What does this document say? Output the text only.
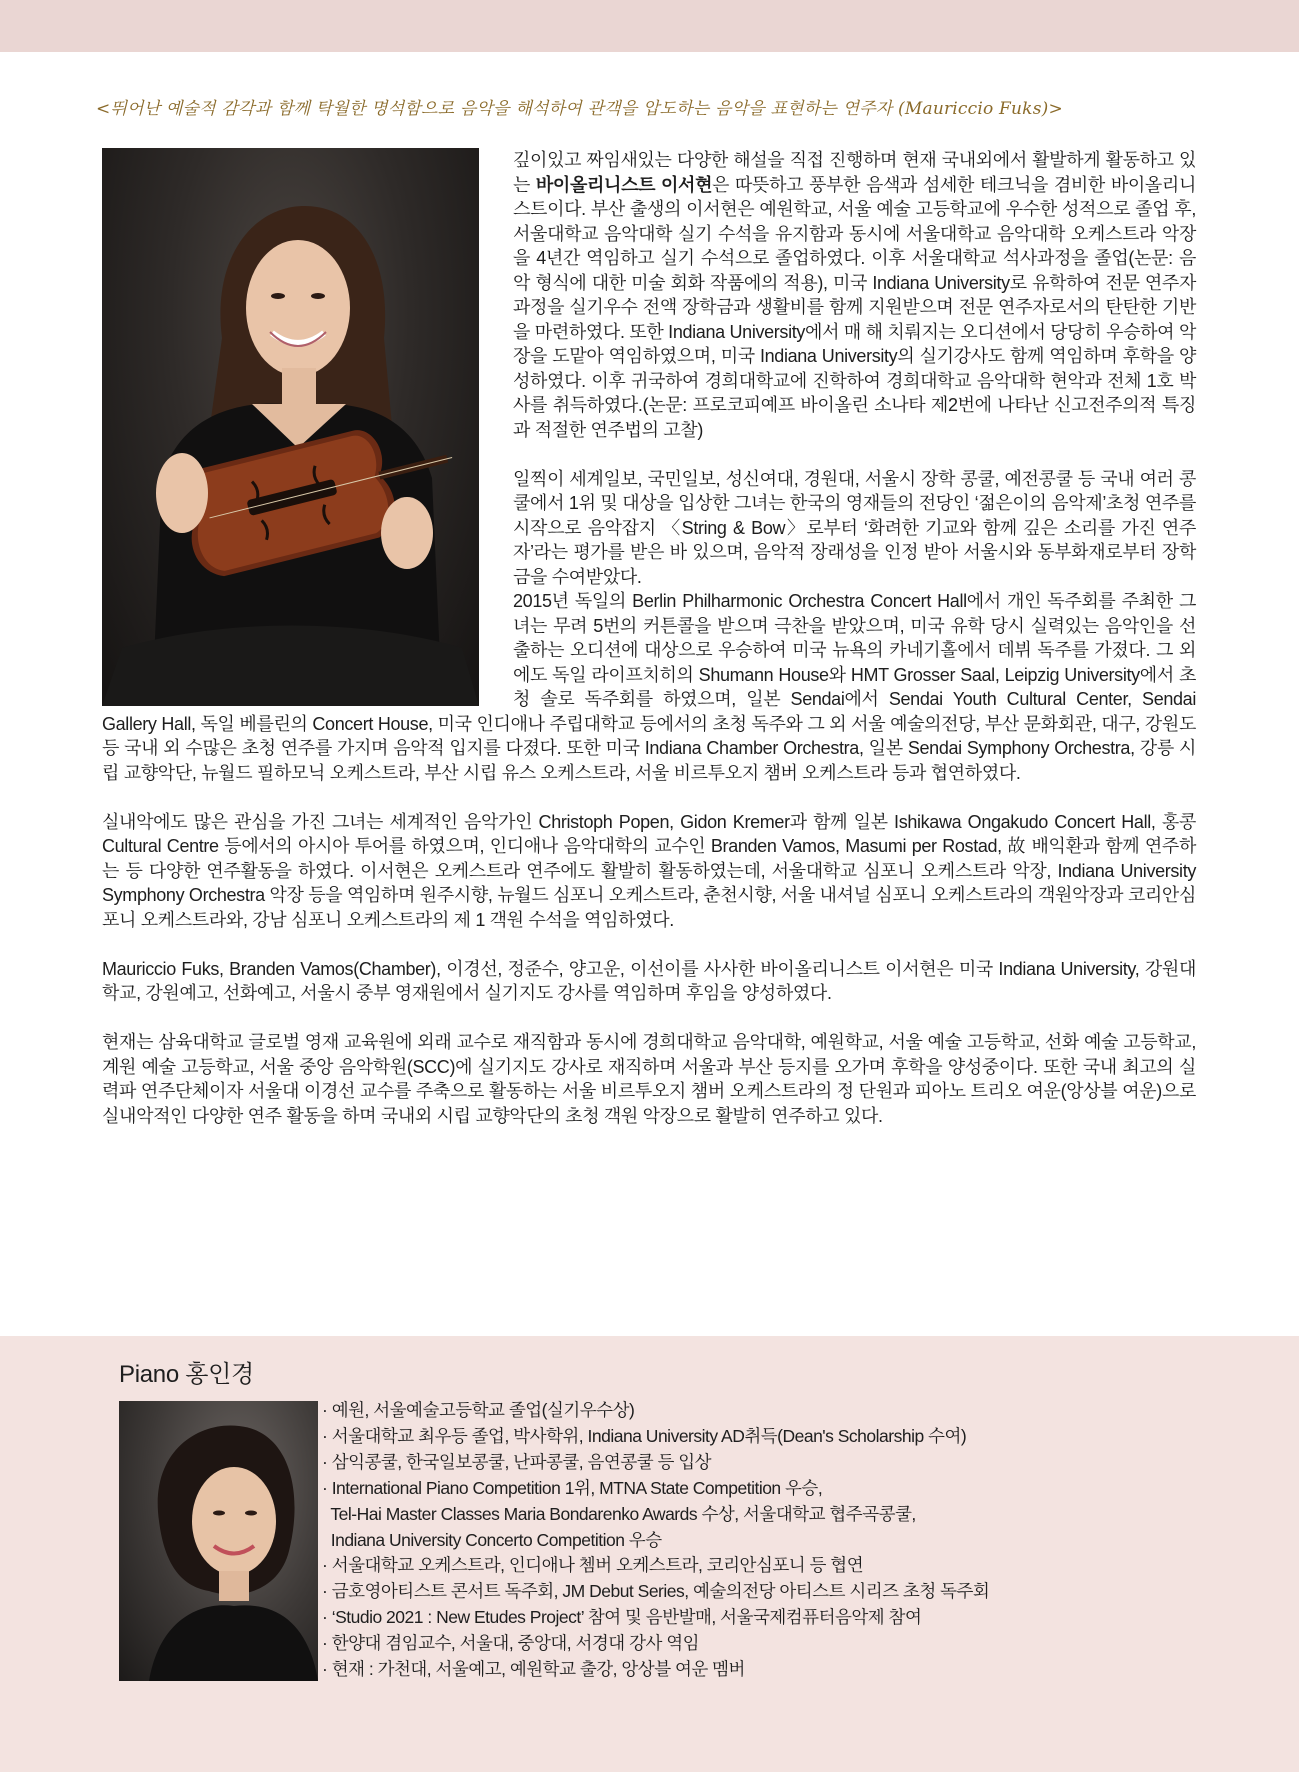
<뛰어난 예술적 감각과 함께 탁월한 명석함으로 음악을 해석하여 관객을 압도하는 음악을 표현하는 연주자 (Mauriccio Fuks)>

깊이있고 짜임새있는 다양한 해설을 직접 진행하며 현재 국내외에서 활발하게 활동하고 있는 바이올리니스트 이서현은 따뜻하고 풍부한 음색과 섬세한 테크닉을 겸비한 바이올리니스트이다. 부산 출생의 이서현은 예원학교, 서울 예술 고등학교에 우수한 성적으로 졸업 후, 서울대학교 음악대학 실기 수석을 유지함과 동시에 서울대학교 음악대학 오케스트라 악장을 4년간 역임하고 실기 수석으로 졸업하였다. 이후 서울대학교 석사과정을 졸업(논문: 음악 형식에 대한 미술 회화 작품에의 적용), 미국 Indiana University로 유학하여 전문 연주자과정을 실기우수 전액 장학금과 생활비를 함께 지원받으며 전문 연주자로서의 탄탄한 기반을 마련하였다. 또한 Indiana University에서 매 해 치뤄지는 오디션에서 당당히 우승하여 악장을 도맡아 역임하였으며, 미국 Indiana University의 실기강사도 함께 역임하며 후학을 양성하였다. 이후 귀국하여 경희대학교에 진학하여 경희대학교 음악대학 현악과 전체 1호 박사를 취득하였다.(논문: 프로코피예프 바이올린 소나타 제2번에 나타난 신고전주의적 특징과 적절한 연주법의 고찰)

일찍이 세계일보, 국민일보, 성신여대, 경원대, 서울시 장학 콩쿨, 예전콩쿨 등 국내 여러 콩쿨에서 1위 및 대상을 입상한 그녀는 한국의 영재들의 전당인 ‘젊은이의 음악제’초청 연주를 시작으로 음악잡지 〈String & Bow〉로부터 ‘화려한 기교와 함께 깊은 소리를 가진 연주자’라는 평가를 받은 바 있으며, 음악적 장래성을 인정 받아 서울시와 동부화재로부터 장학금을 수여받았다.

2015년 독일의 Berlin Philharmonic Orchestra Concert Hall에서 개인 독주회를 주최한 그녀는 무려 5번의 커튼콜을 받으며 극찬을 받았으며, 미국 유학 당시 실력있는 음악인을 선출하는 오디션에 대상으로 우승하여 미국 뉴욕의 카네기홀에서 데뷔 독주를 가졌다. 그 외에도 독일 라이프치히의 Shumann House와 HMT Grosser Saal, Leipzig University에서 초청 솔로 독주회를 하였으며, 일본 Sendai에서 Sendai Youth Cultural Center, Sendai Gallery Hall, 독일 베를린의 Concert House, 미국 인디애나 주립대학교 등에서의 초청 독주와 그 외 서울 예술의전당, 부산 문화회관, 대구, 강원도 등 국내 외 수많은 초청 연주를 가지며 음악적 입지를 다졌다. 또한 미국 Indiana Chamber Orchestra, 일본 Sendai Symphony Orchestra, 강릉 시립 교향악단, 뉴월드 필하모닉 오케스트라, 부산 시립 유스 오케스트라, 서울 비르투오지 챔버 오케스트라 등과 협연하였다.

실내악에도 많은 관심을 가진 그녀는 세계적인 음악가인 Christoph Popen, Gidon Kremer과 함께 일본 Ishikawa Ongakudo Concert Hall, 홍콩 Cultural Centre 등에서의 아시아 투어를 하였으며, 인디애나 음악대학의 교수인 Branden Vamos, Masumi per Rostad, 故 배익환과 함께 연주하는 등 다양한 연주활동을 하였다. 이서현은 오케스트라 연주에도 활발히 활동하였는데, 서울대학교 심포니 오케스트라 악장, Indiana University Symphony Orchestra 악장 등을 역임하며 원주시향, 뉴월드 심포니 오케스트라, 춘천시향, 서울 내셔널 심포니 오케스트라의 객원악장과 코리안심포니 오케스트라와, 강남 심포니 오케스트라의 제 1 객원 수석을 역임하였다.

Mauriccio Fuks, Branden Vamos(Chamber), 이경선, 정준수, 양고운, 이선이를 사사한 바이올리니스트 이서현은 미국 Indiana University, 강원대학교, 강원예고, 선화예고, 서울시 중부 영재원에서 실기지도 강사를 역임하며 후임을 양성하였다.

현재는 삼육대학교 글로벌 영재 교육원에 외래 교수로 재직함과 동시에 경희대학교 음악대학, 예원학교, 서울 예술 고등학교, 선화 예술 고등학교, 계원 예술 고등학교, 서울 중앙 음악학원(SCC)에 실기지도 강사로 재직하며 서울과 부산 등지를 오가며 후학을 양성중이다. 또한 국내 최고의 실력파 연주단체이자 서울대 이경선 교수를 주축으로 활동하는 서울 비르투오지 챔버 오케스트라의 정 단원과 피아노 트리오 여운(앙상블 여운)으로 실내악적인 다양한 연주 활동을 하며 국내외 시립 교향악단의 초청 객원 악장으로 활발히 연주하고 있다.

Piano 홍인경
· 예원, 서울예술고등학교 졸업(실기우수상)
· 서울대학교 최우등 졸업, 박사학위, Indiana University AD취득(Dean's Scholarship 수여)
· 삼익콩쿨, 한국일보콩쿨, 난파콩쿨, 음연콩쿨 등 입상
· International Piano Competition 1위, MTNA State Competition 우승,
Tel-Hai Master Classes Maria Bondarenko Awards 수상, 서울대학교 협주곡콩쿨,
Indiana University Concerto Competition 우승
· 서울대학교 오케스트라, 인디애나 쳄버 오케스트라, 코리안심포니 등 협연
· 금호영아티스트 콘서트 독주회, JM Debut Series, 예술의전당 아티스트 시리즈 초청 독주회
· ‘Studio 2021 : New Etudes Project’ 참여 및 음반발매, 서울국제컴퓨터음악제 참여
· 한양대 겸임교수, 서울대, 중앙대, 서경대 강사 역임
· 현재 : 가천대, 서울예고, 예원학교 출강, 앙상블 여운 멤버
